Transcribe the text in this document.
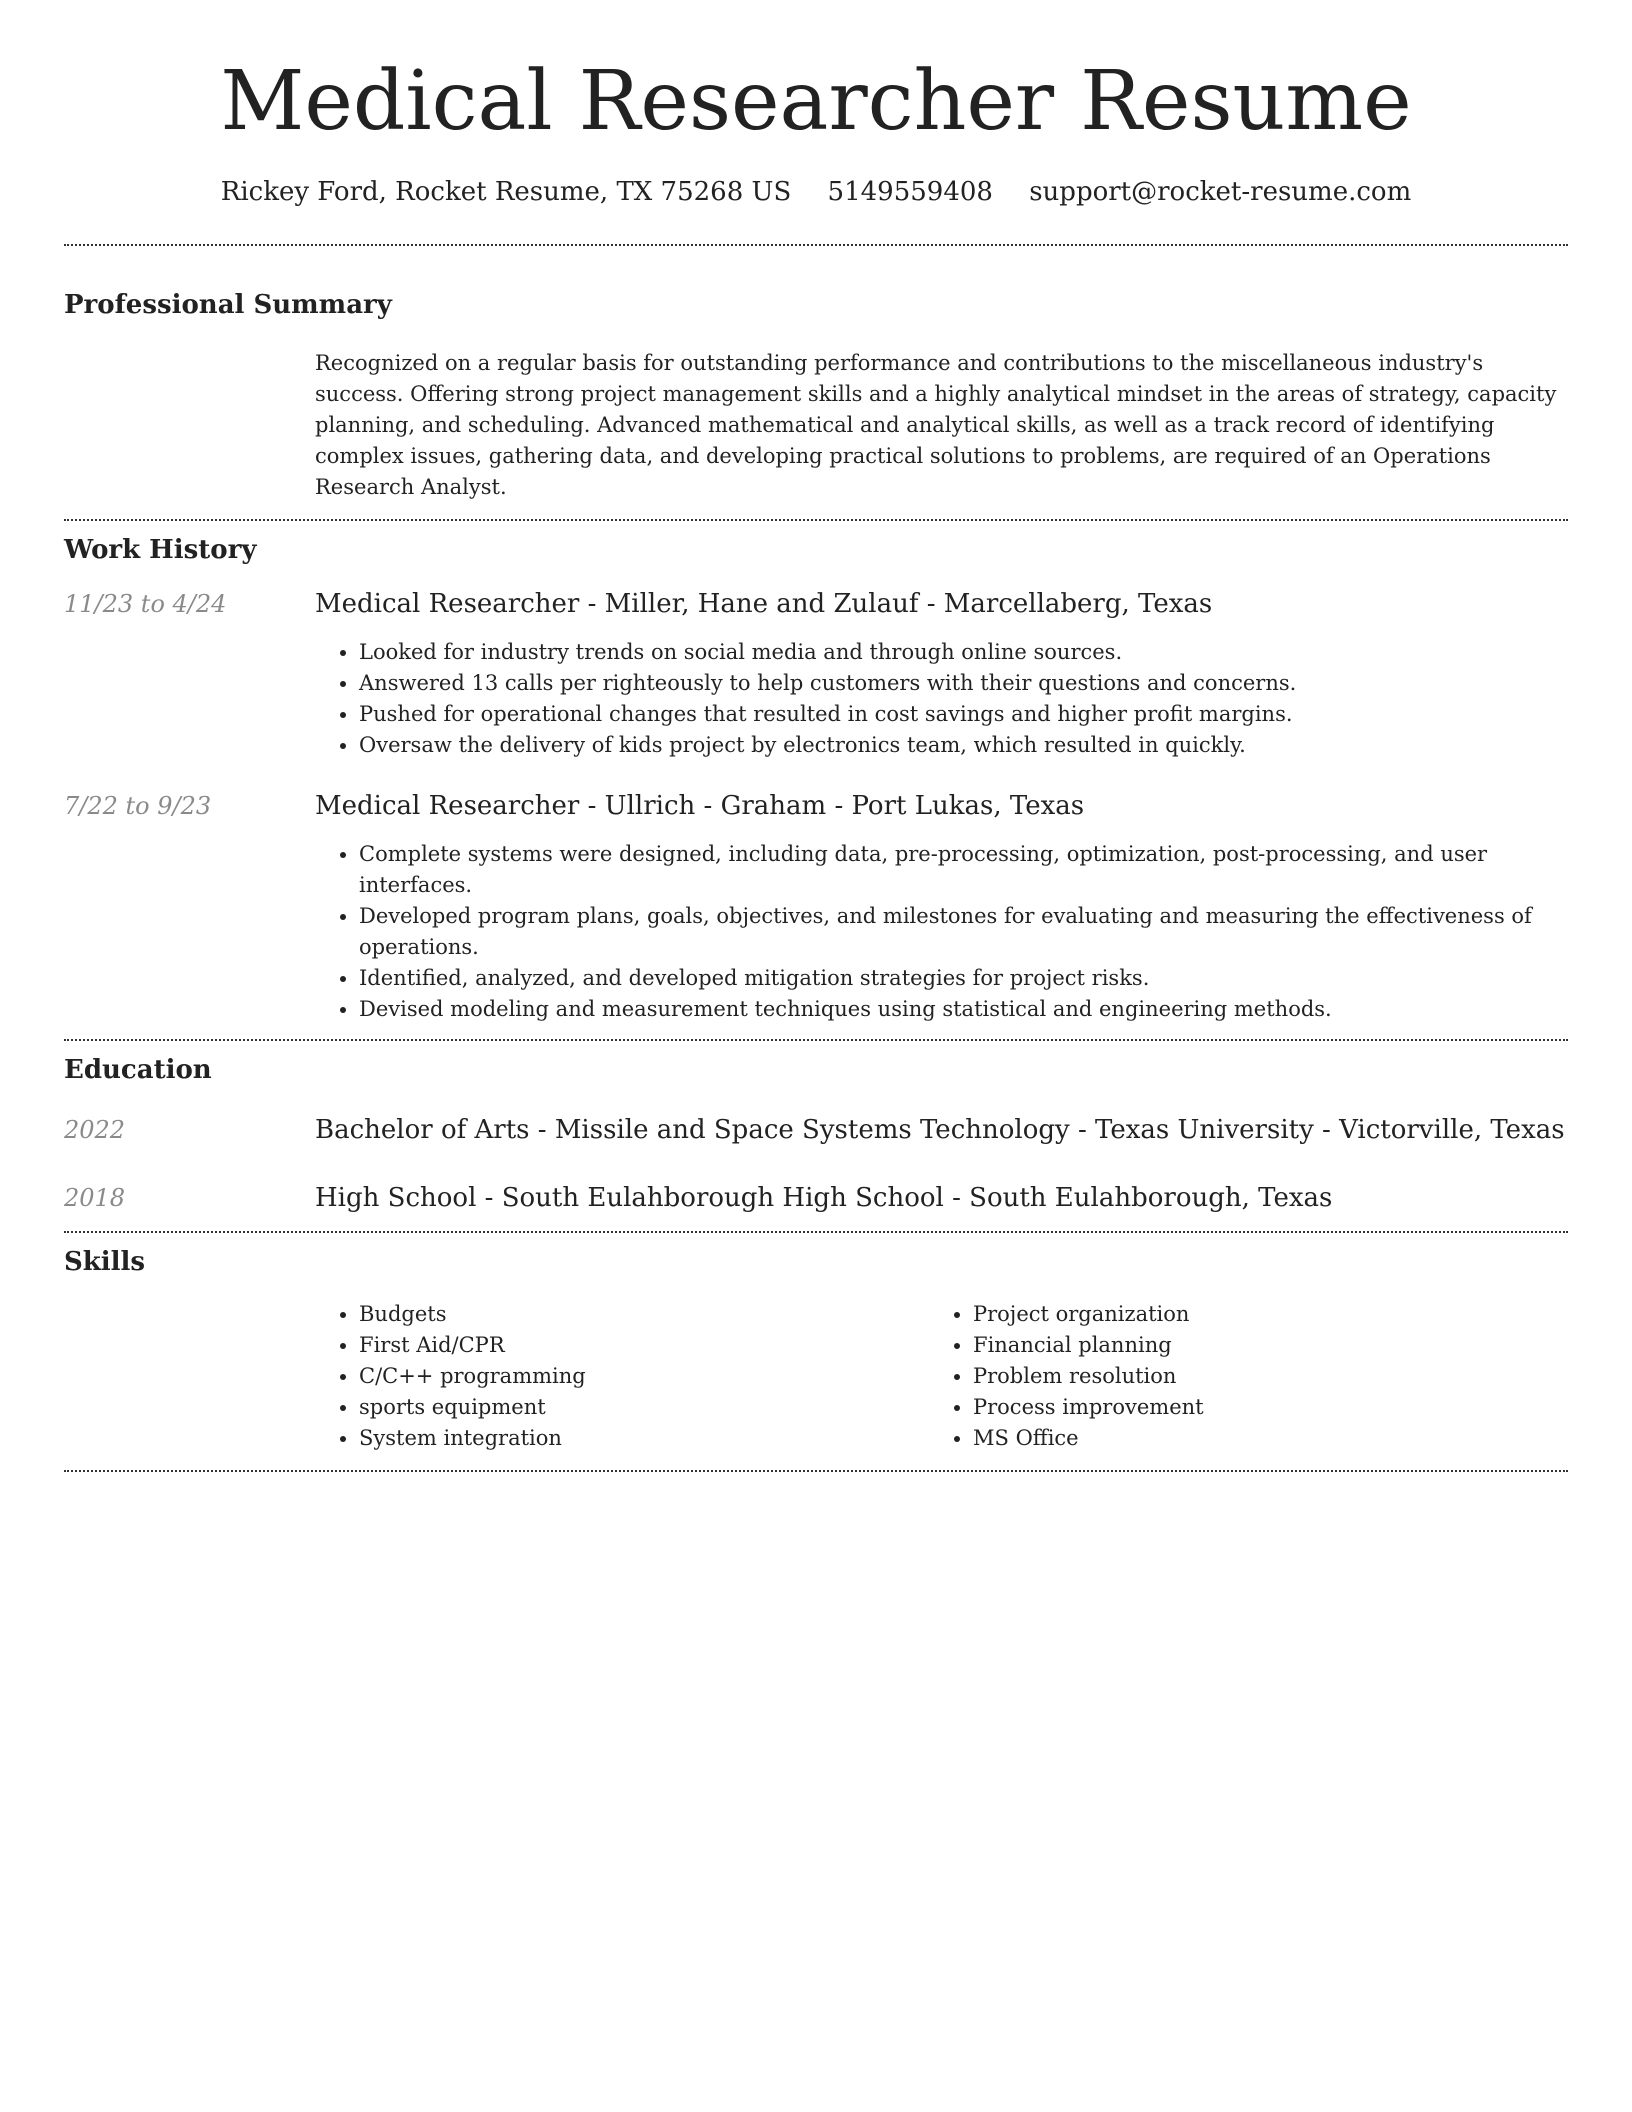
Medical Researcher Resume
Rickey Ford, Rocket Resume, TX 75268 US 5149559408 support@rocket-resume.com
Professional Summary
Recognized on a regular basis for outstanding performance and contributions to the miscellaneous industry's success. Offering strong project management skills and a highly analytical mindset in the areas of strategy, capacity planning, and scheduling. Advanced mathematical and analytical skills, as well as a track record of identifying complex issues, gathering data, and developing practical solutions to problems, are required of an Operations Research Analyst.
Work History
11/23 to 4/24	Medical Researcher - Miller, Hane and Zulauf - Marcellaberg, Texas
• Looked for industry trends on social media and through online sources.
• Answered 13 calls per righteously to help customers with their questions and concerns.
• Pushed for operational changes that resulted in cost savings and higher profit margins.
• Oversaw the delivery of kids project by electronics team, which resulted in quickly.
7/22 to 9/23	Medical Researcher - Ullrich - Graham - Port Lukas, Texas
• Complete systems were designed, including data, pre-processing, optimization, post-processing, and user interfaces.
• Developed program plans, goals, objectives, and milestones for evaluating and measuring the effectiveness of operations.
• Identified, analyzed, and developed mitigation strategies for project risks.
• Devised modeling and measurement techniques using statistical and engineering methods.
Education
2022	Bachelor of Arts - Missile and Space Systems Technology - Texas University - Victorville, Texas
2018	High School - South Eulahborough High School - South Eulahborough, Texas
Skills
• Budgets
• First Aid/CPR
• C/C++ programming
• sports equipment
• System integration
• Project organization
• Financial planning
• Problem resolution
• Process improvement
• MS Office
